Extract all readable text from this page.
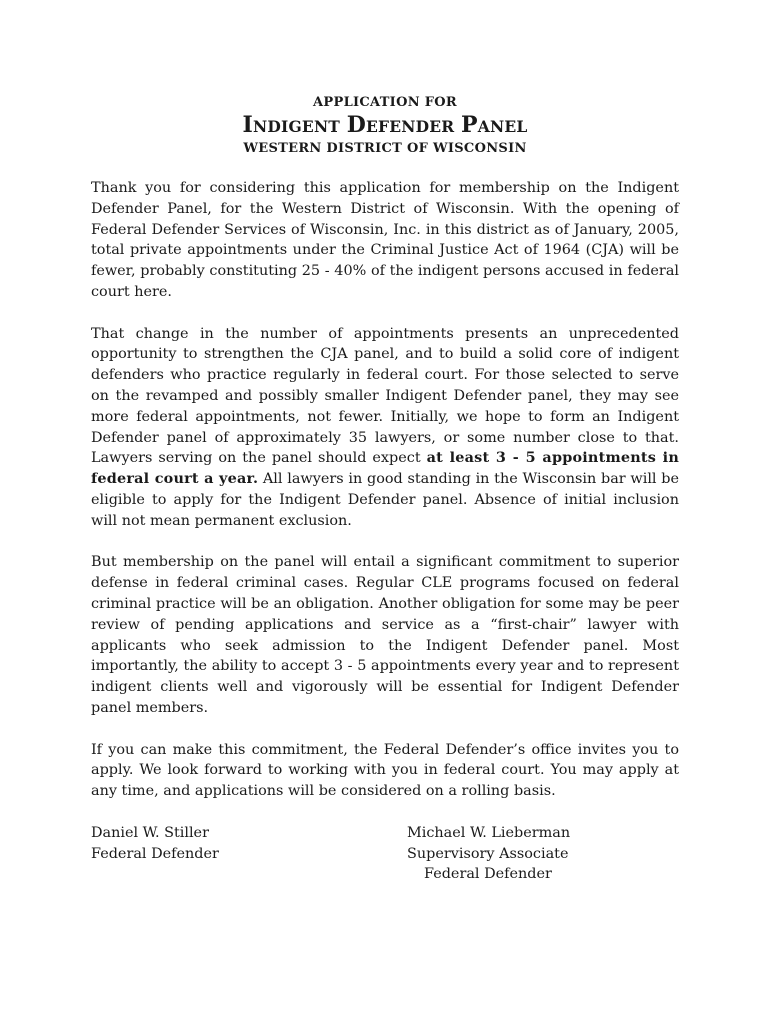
APPLICATION FOR

INDIGENT DEFENDER PANEL

WESTERN DISTRICT OF WISCONSIN

Thank you for considering this application for membership on the Indigent Defender Panel, for the Western District of Wisconsin. With the opening of Federal Defender Services of Wisconsin, Inc. in this district as of January, 2005, total private appointments under the Criminal Justice Act of 1964 (CJA) will be fewer, probably constituting 25 - 40% of the indigent persons accused in federal court here.

That change in the number of appointments presents an unprecedented opportunity to strengthen the CJA panel, and to build a solid core of indigent defenders who practice regularly in federal court. For those selected to serve on the revamped and possibly smaller Indigent Defender panel, they may see more federal appointments, not fewer. Initially, we hope to form an Indigent Defender panel of approximately 35 lawyers, or some number close to that. Lawyers serving on the panel should expect at least 3 - 5 appointments in federal court a year. All lawyers in good standing in the Wisconsin bar will be eligible to apply for the Indigent Defender panel. Absence of initial inclusion will not mean permanent exclusion.

But membership on the panel will entail a significant commitment to superior defense in federal criminal cases. Regular CLE programs focused on federal criminal practice will be an obligation. Another obligation for some may be peer review of pending applications and service as a “first-chair” lawyer with applicants who seek admission to the Indigent Defender panel. Most importantly, the ability to accept 3 - 5 appointments every year and to represent indigent clients well and vigorously will be essential for Indigent Defender panel members.

If you can make this commitment, the Federal Defender’s office invites you to apply. We look forward to working with you in federal court. You may apply at any time, and applications will be considered on a rolling basis.

Daniel W. Stiller
Federal Defender
Michael W. Lieberman
Supervisory Associate
Federal Defender
